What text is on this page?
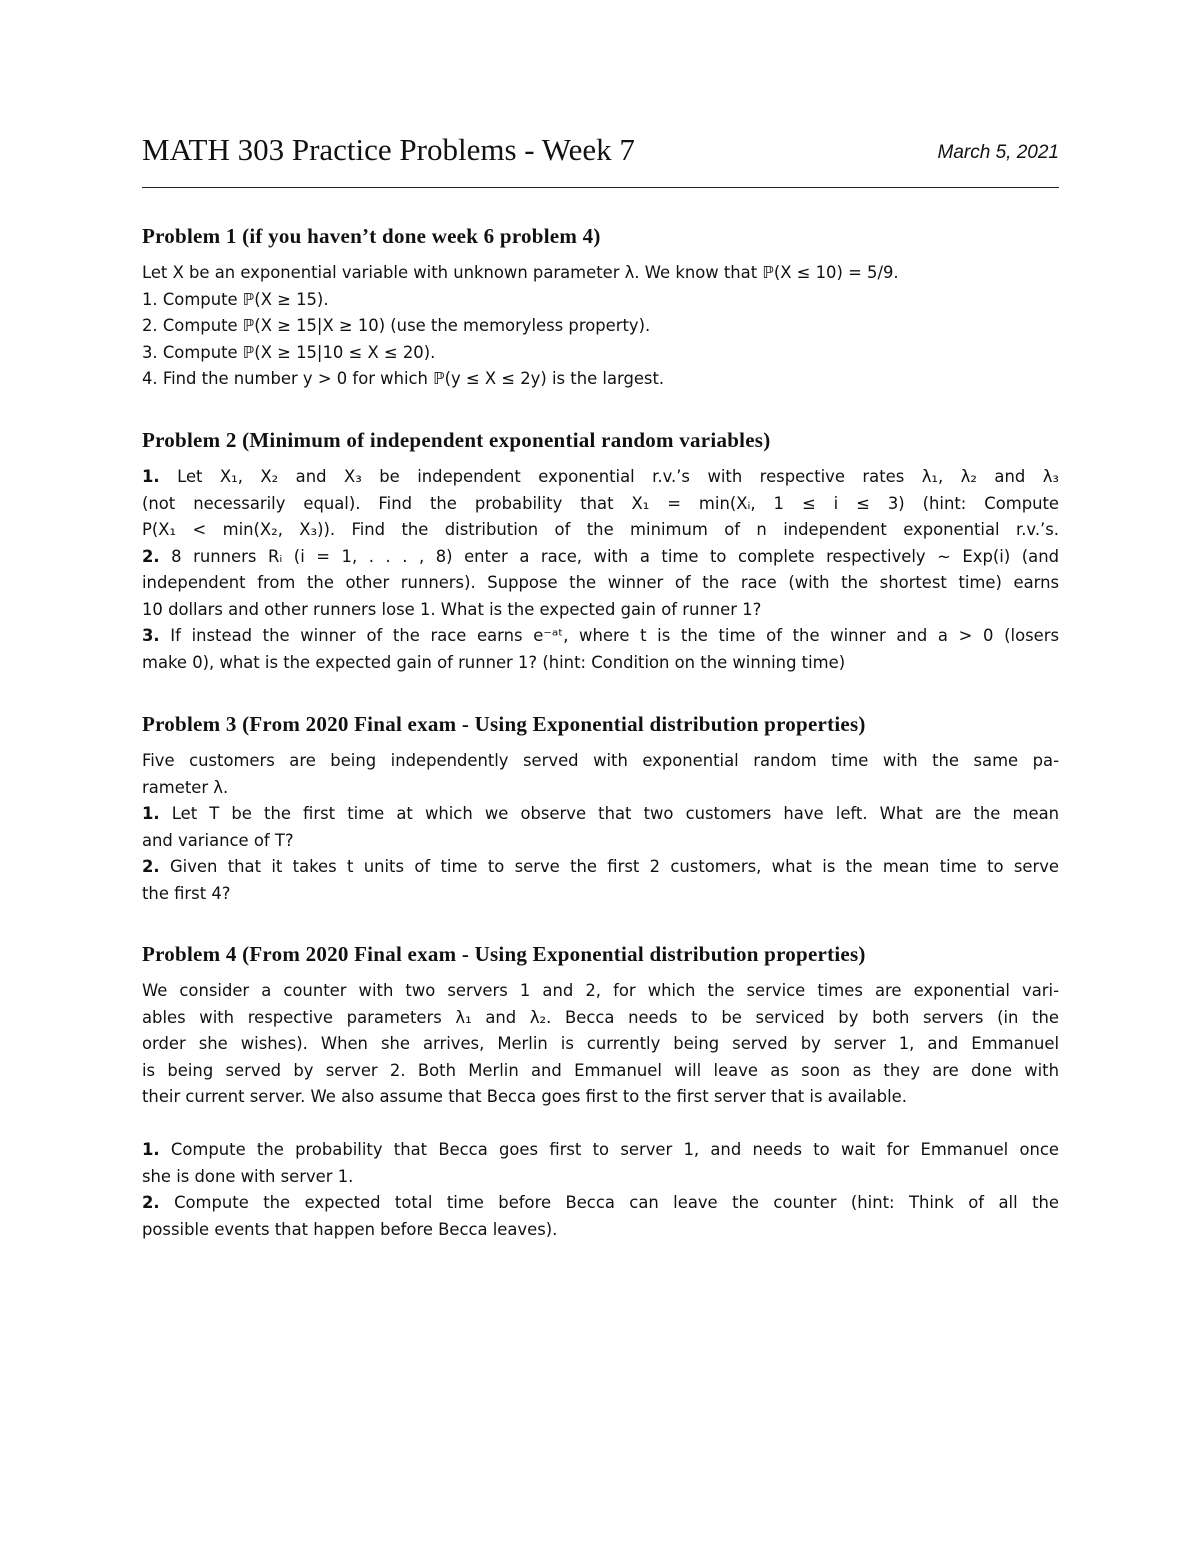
MATH 303 Practice Problems - Week 7	March 5, 2021
Problem 1 (if you haven’t done week 6 problem 4)
Let X be an exponential variable with unknown parameter λ. We know that ℙ(X ≤ 10) = 5/9.
1. Compute ℙ(X ≥ 15).
2. Compute ℙ(X ≥ 15|X ≥ 10) (use the memoryless property).
3. Compute ℙ(X ≥ 15|10 ≤ X ≤ 20).
4. Find the number y > 0 for which ℙ(y ≤ X ≤ 2y) is the largest.
Problem 2 (Minimum of independent exponential random variables)
1. Let X₁, X₂ and X₃ be independent exponential r.v.’s with respective rates λ₁, λ₂ and λ₃
(not necessarily equal). Find the probability that X₁ = min(Xᵢ, 1 ≤ i ≤ 3) (hint: Compute
P(X₁ < min(X₂, X₃)). Find the distribution of the minimum of n independent exponential r.v.’s.
2. 8 runners Rᵢ (i = 1, . . . , 8) enter a race, with a time to complete respectively ∼ Exp(i) (and
independent from the other runners). Suppose the winner of the race (with the shortest time) earns
10 dollars and other runners lose 1. What is the expected gain of runner 1?
3. If instead the winner of the race earns e⁻ᵃᵗ, where t is the time of the winner and a > 0 (losers
make 0), what is the expected gain of runner 1? (hint: Condition on the winning time)
Problem 3 (From 2020 Final exam - Using Exponential distribution properties)
Five customers are being independently served with exponential random time with the same pa-
rameter λ.
1. Let T be the first time at which we observe that two customers have left. What are the mean
and variance of T?
2. Given that it takes t units of time to serve the first 2 customers, what is the mean time to serve
the first 4?
Problem 4 (From 2020 Final exam - Using Exponential distribution properties)
We consider a counter with two servers 1 and 2, for which the service times are exponential vari-
ables with respective parameters λ₁ and λ₂. Becca needs to be serviced by both servers (in the
order she wishes). When she arrives, Merlin is currently being served by server 1, and Emmanuel
is being served by server 2. Both Merlin and Emmanuel will leave as soon as they are done with
their current server. We also assume that Becca goes first to the first server that is available.
1. Compute the probability that Becca goes first to server 1, and needs to wait for Emmanuel once
she is done with server 1.
2. Compute the expected total time before Becca can leave the counter (hint: Think of all the
possible events that happen before Becca leaves).
